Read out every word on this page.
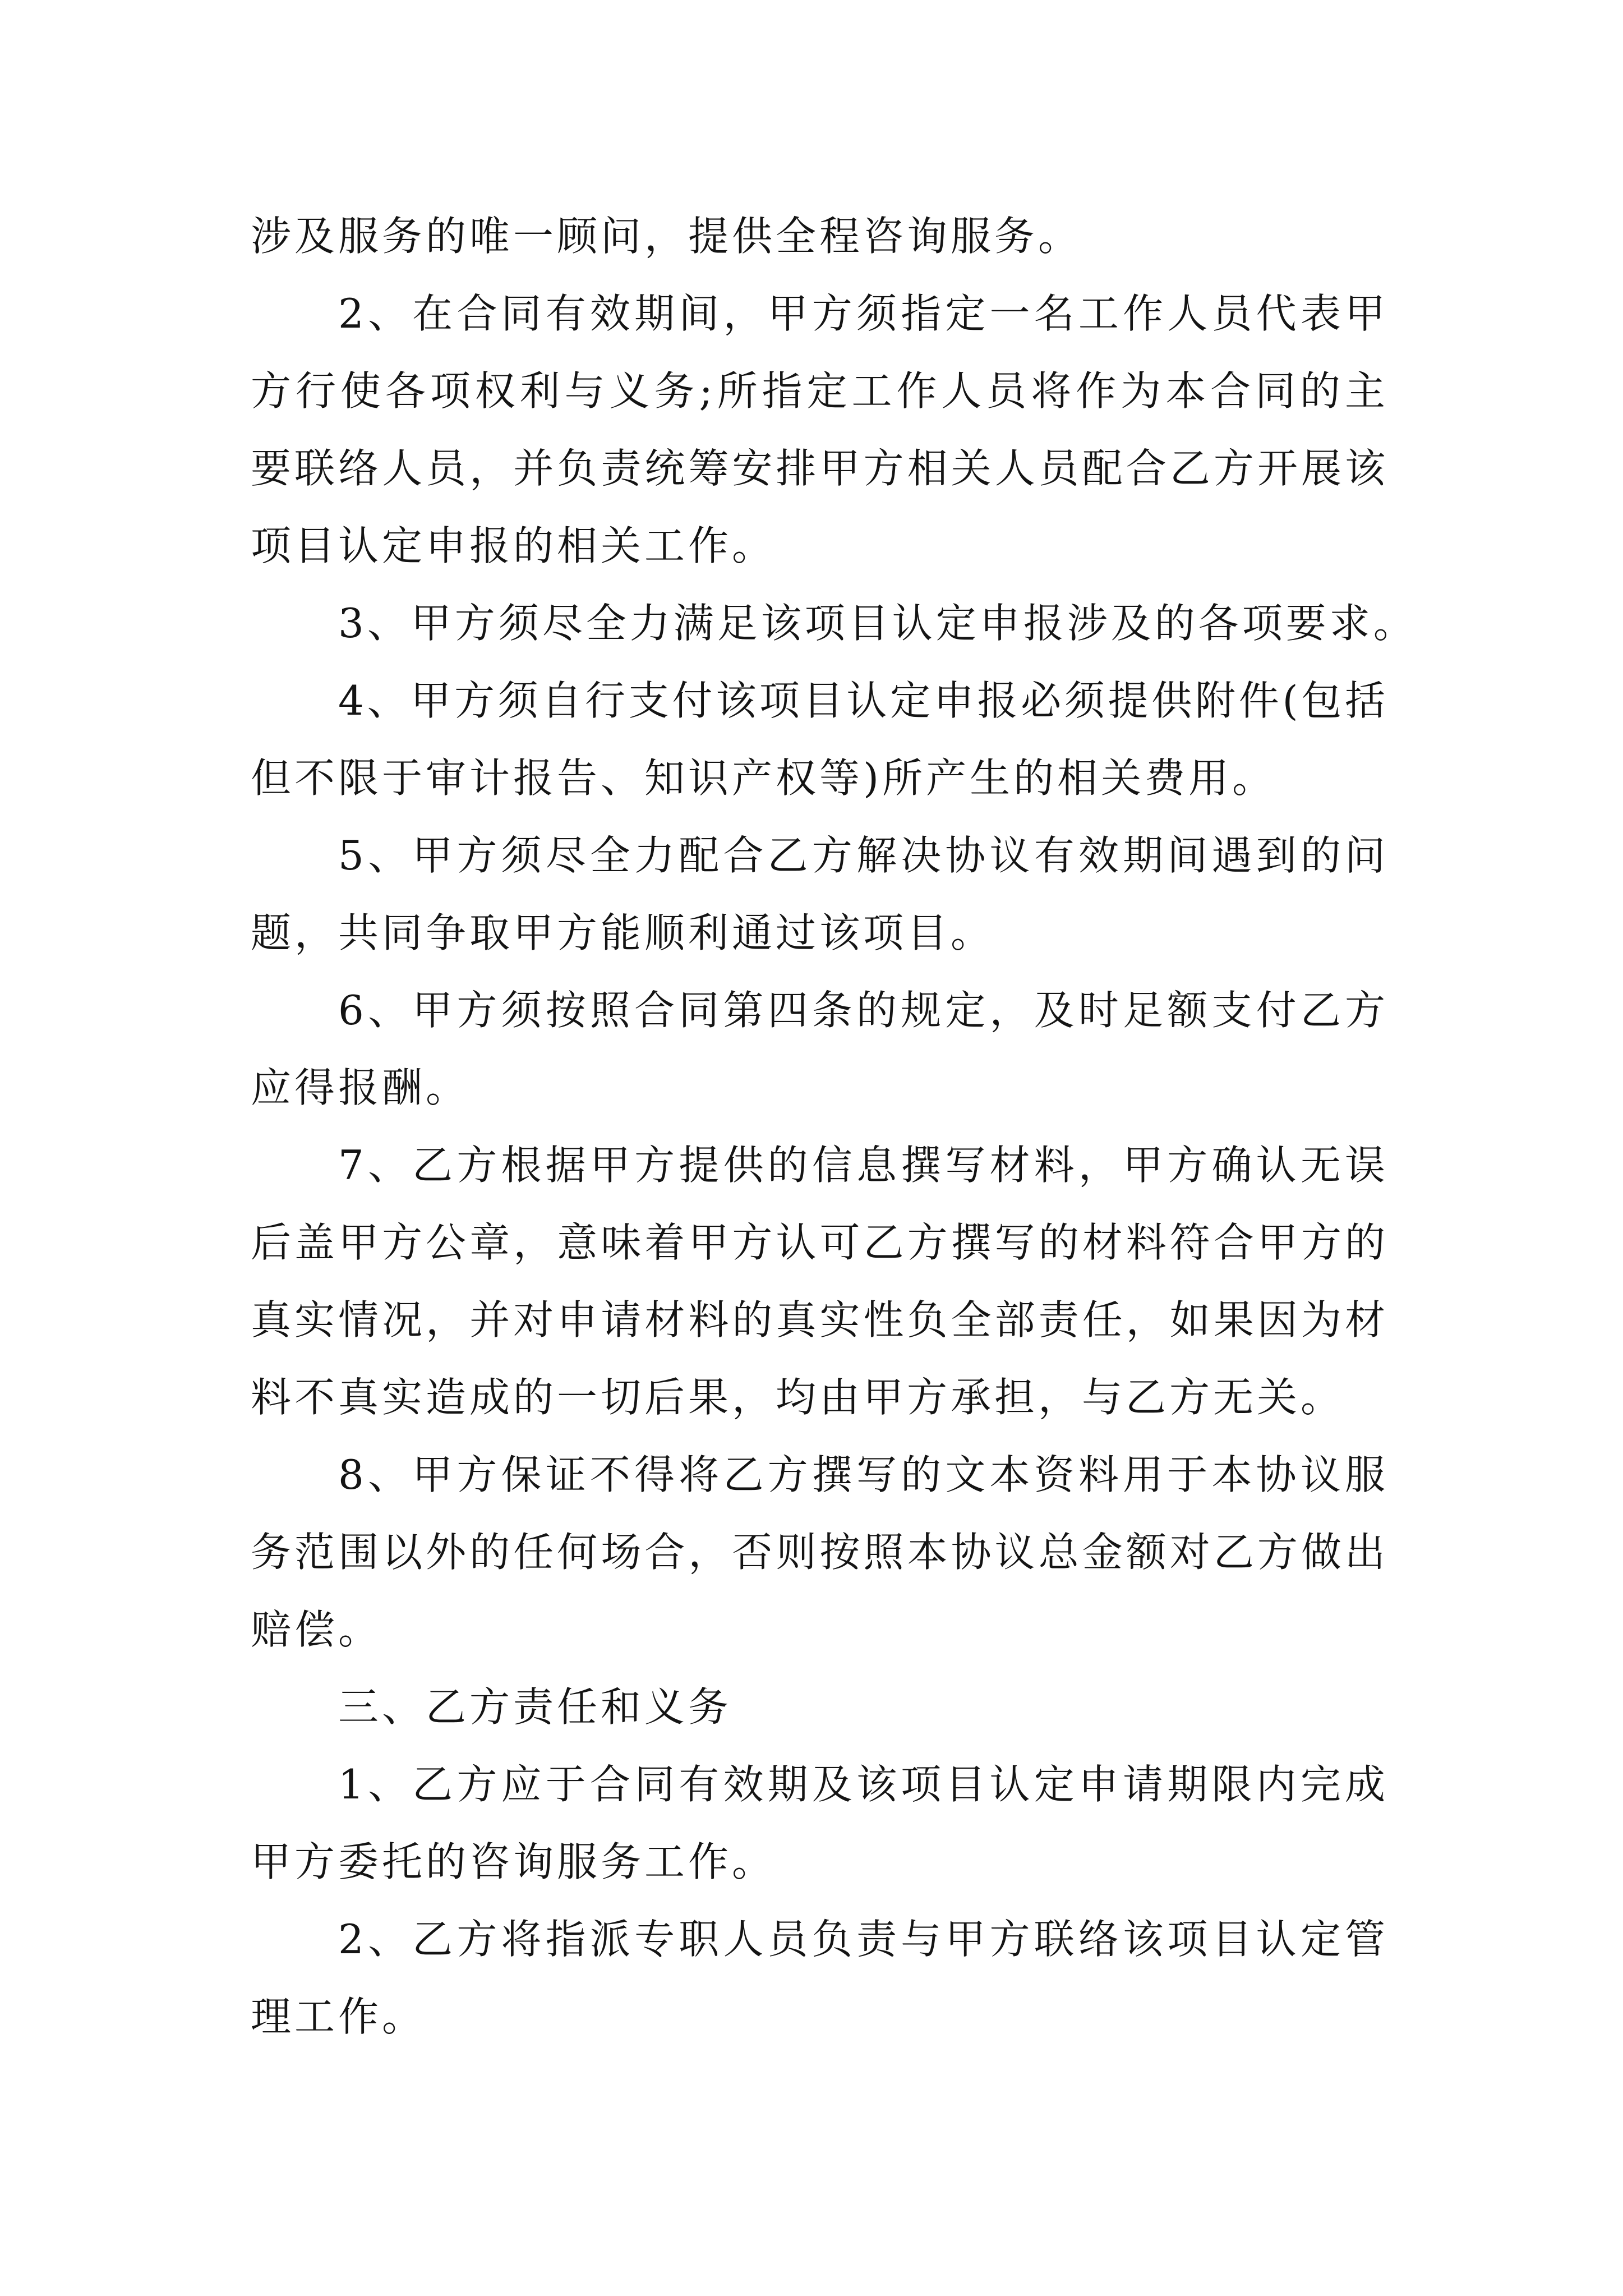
涉及服务的唯一顾问，提供全程咨询服务。
2、在合同有效期间，甲方须指定一名工作人员代表甲
方行使各项权利与义务;所指定工作人员将作为本合同的主
要联络人员，并负责统筹安排甲方相关人员配合乙方开展该
项目认定申报的相关工作。
3、甲方须尽全力满足该项目认定申报涉及的各项要求。
4、甲方须自行支付该项目认定申报必须提供附件(包括
但不限于审计报告、知识产权等)所产生的相关费用。
5、甲方须尽全力配合乙方解决协议有效期间遇到的问
题，共同争取甲方能顺利通过该项目。
6、甲方须按照合同第四条的规定，及时足额支付乙方
应得报酬。
7、乙方根据甲方提供的信息撰写材料，甲方确认无误
后盖甲方公章，意味着甲方认可乙方撰写的材料符合甲方的
真实情况，并对申请材料的真实性负全部责任，如果因为材
料不真实造成的一切后果，均由甲方承担，与乙方无关。
8、甲方保证不得将乙方撰写的文本资料用于本协议服
务范围以外的任何场合，否则按照本协议总金额对乙方做出
赔偿。
三、乙方责任和义务
1、乙方应于合同有效期及该项目认定申请期限内完成
甲方委托的咨询服务工作。
2、乙方将指派专职人员负责与甲方联络该项目认定管
理工作。
